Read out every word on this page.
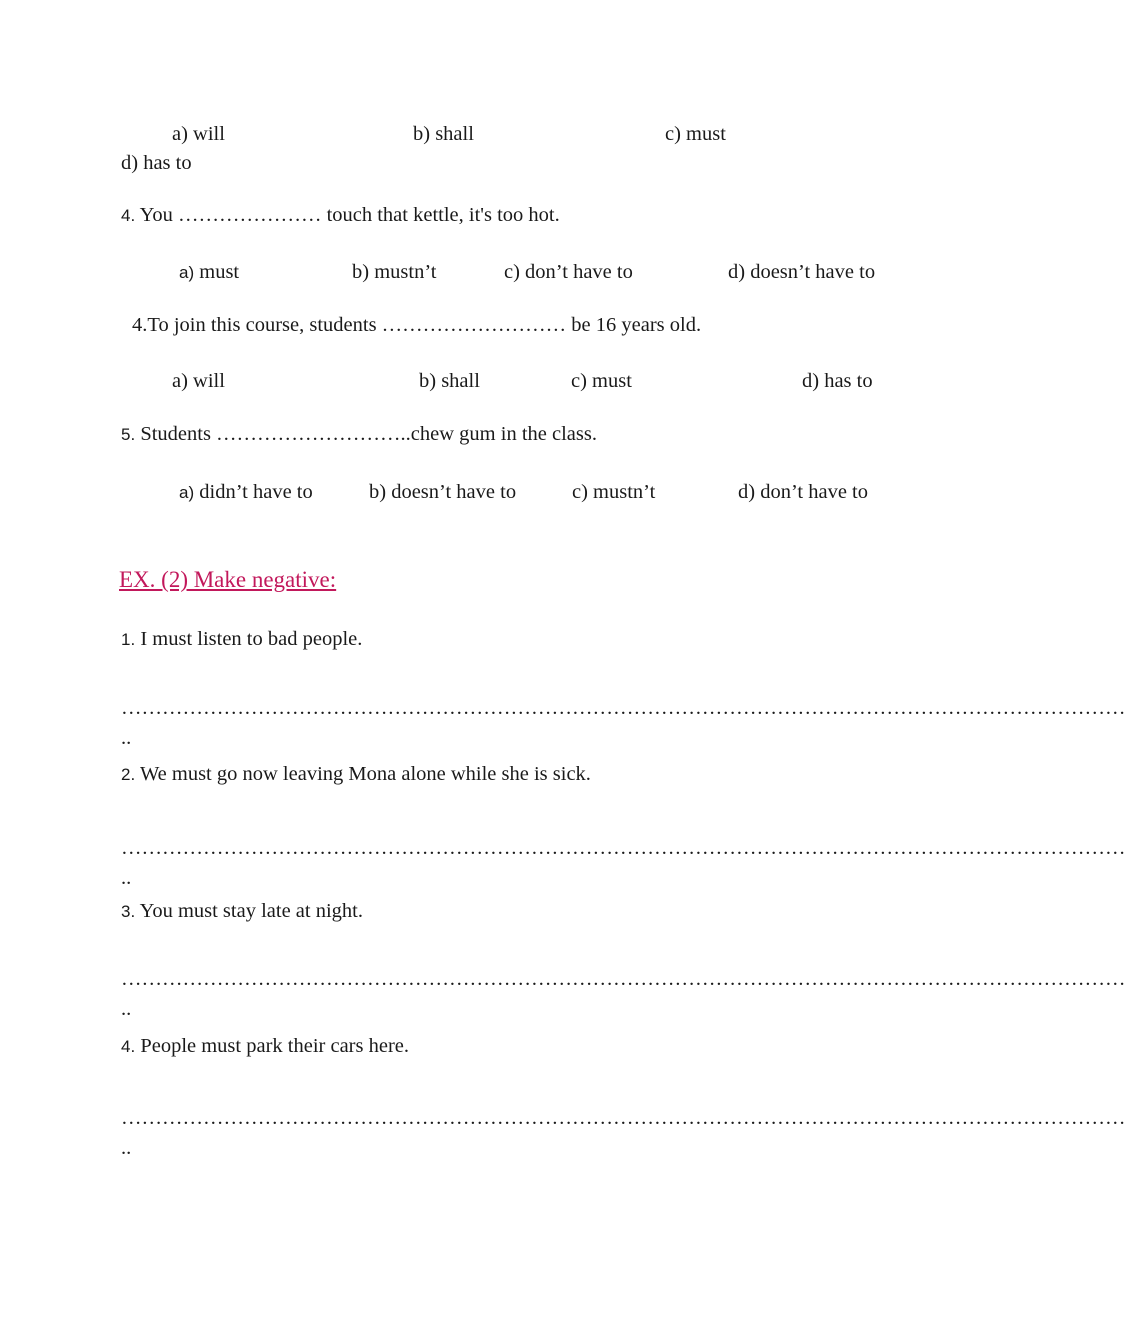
a) will	b) shall	c) must
d) has to
4. You ………………… touch that kettle, it's too hot.
a) must	b) mustn’t	c) don’t have to	d) doesn’t have to
4.To join this course, students ……………………… be 16 years old.
a) will	b) shall	c) must	d) has to
5. Students ………………………..chew gum in the class.
a) didn’t have to	b) doesn’t have to	c) mustn’t	d) don’t have to
EX. (2) Make negative:
1. I must listen to bad people.
…………………………………………………………………………………………………………………………………
..
2. We must go now leaving Mona alone while she is sick.
…………………………………………………………………………………………………………………………………
..
3. You must stay late at night.
…………………………………………………………………………………………………………………………………
..
4. People must park their cars here.
…………………………………………………………………………………………………………………………………
..
